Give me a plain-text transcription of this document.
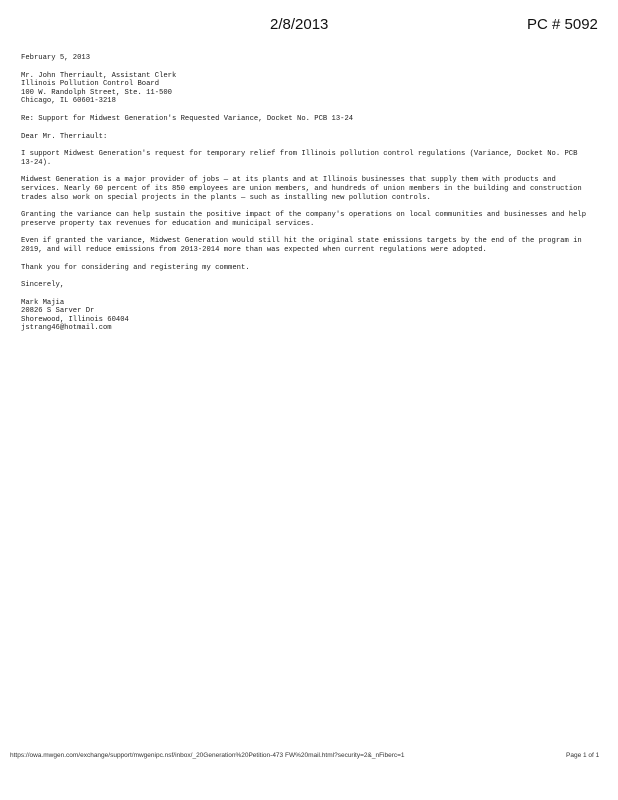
2/8/2013	PC # 5092
February 5, 2013
Mr. John Therriault, Assistant Clerk
Illinois Pollution Control Board
100 W. Randolph Street, Ste. 11-500
Chicago, IL 60601-3218
Re: Support for Midwest Generation's Requested Variance, Docket No. PCB 13-24
Dear Mr. Therriault:
I support Midwest Generation's request for temporary relief from Illinois pollution control regulations (Variance, Docket No. PCB 13-24).
Midwest Generation is a major provider of jobs — at its plants and at Illinois businesses that supply them with products and services. Nearly 60 percent of its 850 employees are union members, and hundreds of union members in the building and construction trades also work on special projects in the plants — such as installing new pollution controls.
Granting the variance can help sustain the positive impact of the company's operations on local communities and businesses and help preserve property tax revenues for education and municipal services.
Even if granted the variance, Midwest Generation would still hit the original state emissions targets by the end of the program in 2019, and will reduce emissions from 2013-2014 more than was expected when current regulations were adopted.
Thank you for considering and registering my comment.
Sincerely,
Mark Majia
20826 S Sarver Dr
Shorewood, Illinois 60404
jstrang46@hotmail.com
https://owa.mwgen.com/exchange/support/mwgenipc.nsf/inbox/_20Generation%20Petition-473 FW%20mail.html?security=2&_nFiberc=1	Page 1 of 1
